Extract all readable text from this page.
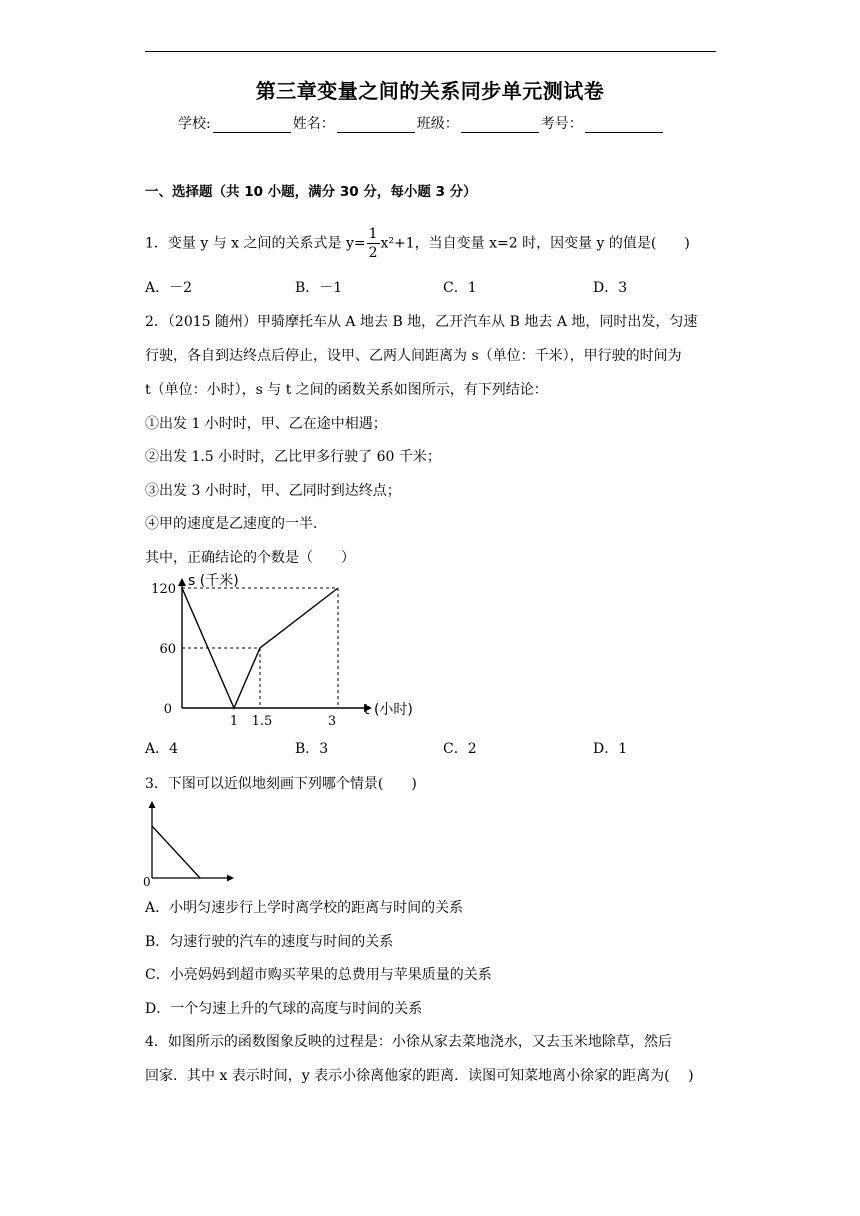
第三章变量之间的关系同步单元测试卷
学校:	姓名：	班级：	考号：
一、选择题（共 10 小题，满分 30 分，每小题 3 分）
1．变量 y 与 x 之间的关系式是 $y= \frac{1}{2} x^2+1$，当自变量 x=2 时，因变量 y 的值是(　　)
A．－2	B．－1	C．1	D．3
2．（2015 随州）甲骑摩托车从 A 地去 B 地，乙开汽车从 B 地去 A 地，同时出发，匀速
行驶，各自到达终点后停止，设甲、乙两人间距离为 s（单位：千米），甲行驶的时间为
t（单位：小时），s 与 t 之间的函数关系如图所示，有下列结论：
①出发 1 小时时，甲、乙在途中相遇；
②出发 1.5 小时时，乙比甲多行驶了 60 千米；
③出发 3 小时时，甲、乙同时到达终点；
④甲的速度是乙速度的一半．
其中，正确结论的个数是（　　）
s (千米)
t (小时)
0
1 1.5	3
60
120
A．4	B．3	C．2	D．1
3．下图可以近似地刻画下列哪个情景(　　)
0
A．小明匀速步行上学时离学校的距离与时间的关系
B．匀速行驶的汽车的速度与时间的关系
C．小亮妈妈到超市购买苹果的总费用与苹果质量的关系
D．一个匀速上升的气球的高度与时间的关系
4．如图所示的函数图象反映的过程是：小徐从家去菜地浇水，又去玉米地除草，然后
回家．其中 x 表示时间，y 表示小徐离他家的距离．读图可知菜地离小徐家的距离为(　 )
